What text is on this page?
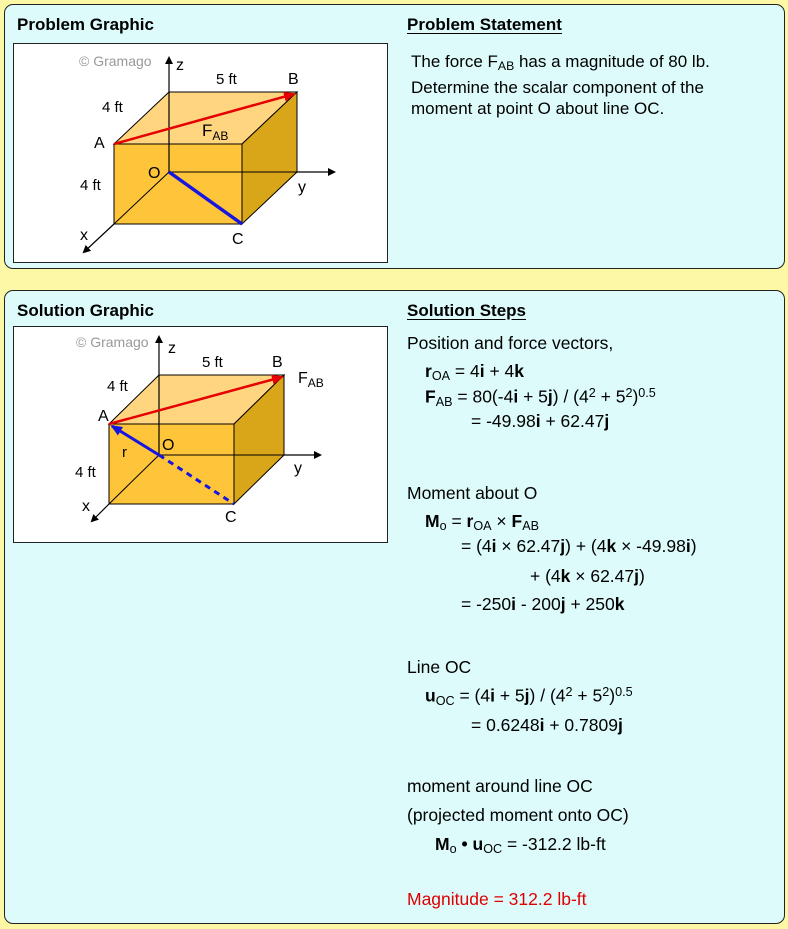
Problem Graphic	Problem Statement
© Gramago z
y
x
A
B
C
O
5 ft
4 ft
4 ft
$F_{AB}$
The force $F_{AB}$ has a magnitude of 80 lb.
Determine the scalar component of the
moment at point O about line OC.
Solution Graphic	Solution Steps
© Gramago z
y
x
A
B
C
O
r
5 ft
4 ft
4 ft
$F_{AB}$
Position and force vectors,
$r_{OA} = 4i + 4k$
$F_{AB} = 80(-4i + 5j) / (4^2 + 5^2)^{0.5}$
= -49.98i + 62.47j
Moment about O
$M_o = r_{OA} \times F_{AB}$
= (4i × 62.47j) + (4k × -49.98i)
+ (4k × 62.47j)
= -250i - 200j + 250k
Line OC
$u_{OC} = (4i + 5j) / (4^2 + 5^2)^{0.5}$
= 0.6248i + 0.7809j
moment around line OC
(projected moment onto OC)
$M_o$ • $u_{OC} = -312.2$ lb-ft
Magnitude = 312.2 lb-ft
